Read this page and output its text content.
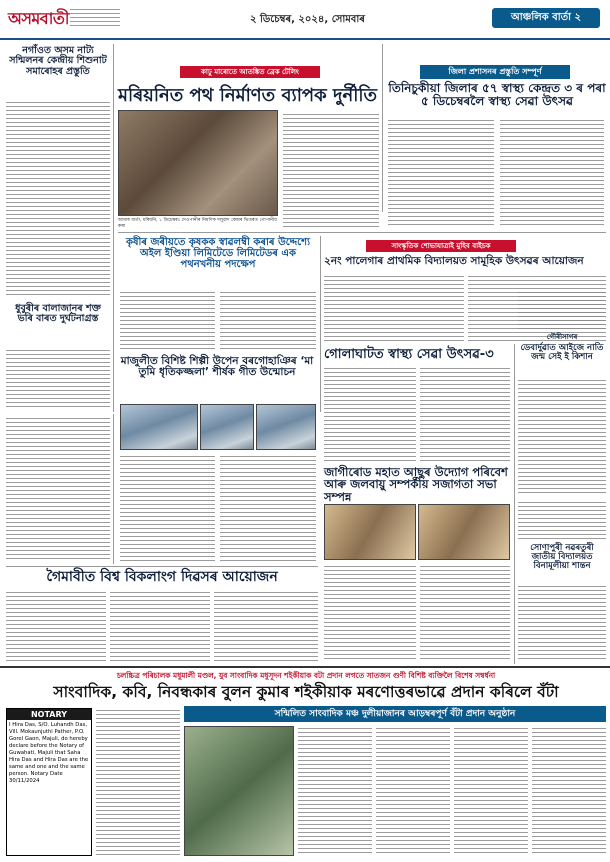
অসমবাতী	২ ডিচেম্বৰ, ২০২৪, সোমবাৰ	আঞ্চলিক বাৰ্তা ২
নগাঁওত অসম নাট্য সন্মিলনৰ কেন্দ্ৰীয় শিশুনাট সমাৰোহৰ প্ৰস্তুতি
ধুবুৰীৰ বালাজানৰ শক্ত ভৰি বাৰত দুৰ্ঘটনাগ্ৰস্ত
কাঢ়ু মাৰোতে আতঙ্কিত ব্ৰেক টেলিং
মৰিয়নিত পথ নিৰ্মাণত ব্যাপক দুৰ্নীতি
আমাৰ বাৰ্তা, মৰিয়নি, ১ ডিচেম্বৰঃ দেওপানীৰ নিমণিক দলুৱাদ কেন্দ্ৰৰ ভিতৰত গোপানীয় কৰা
জিলা প্ৰশাসনৰ প্ৰস্তুতি সম্পূৰ্ণ
তিনিচুকীয়া জিলাৰ ৫৭ স্বাস্থ্য কেন্দ্ৰত ৩ ৰ পৰা ৫ ডিচেম্বৰলৈ স্বাস্থ্য সেৱা উৎসৱ
কৃষীৰ জৰীয়তে কৃষকক স্বাৱলম্বী কৰাৰ উদ্দেশ্যে অইল ইণ্ডিয়া লিমিটেডে লিমিটেডৰ এক পথনখনীয় পদক্ষেপ
সাংস্কৃতিক শোভাযাত্ৰাই মুহিব বাইচক
২নং পালেগাৰ প্ৰাথমিক বিদ্যালয়ত সামূহিক উৎসৱৰ আয়োজন
মাজুলীত বিশিষ্ট শিল্পী উপেন বৰগোহাঞিৰ ‘মা তুমি ধৃতিকজ্জলা’ শীৰ্ষক গীত উন্মোচন
গোলাঘাটত স্বাস্থ্য সেৱা উৎসৱ-৩
গৌৰীসাগৰ
ডেবাৰ্দুৱাত আইজে নাতি জন্ম সেই ই কিশান
সোণাপুৰী নৱৰতুৰী জাতীয় বিদ্যালয়ত বিনামূলীয়া শান্তন
জাগীৰোড মহাত আছুৰ উদ্যোগ পৰিবেশ আৰু জলবায়ু সম্পৰ্কীয় সজাগতা সভা সম্পন্ন
গৈমাবীত বিশ্ব বিকলাংগ দিৱসৰ আয়োজন
চলচ্চিত্ৰ পৰিচালক মধুমালী মণ্ডল, যুব সাংবাদিক মধুসূদন শইকীয়াক বটা প্ৰদান লগতে সাতজন গুণী বিশিষ্ট ব্যক্তিলৈ বিশেষ সম্বৰ্ধনা
সাংবাদিক, কবি, নিবন্ধকাৰ বুলন কুমাৰ শইকীয়াক মৰণোত্তৰভাৱে প্ৰদান কৰিলে বঁটা
সন্মিলিত সাংবাদিক মঞ্চ দুলীয়াজানৰ আড়ম্বৰপূৰ্ণ বঁটা প্ৰদান অনুষ্ঠান
NOTARY
I Hira Das, S/O. Luhandh Das, Vill. Mokaunjuthi Pather, P.O. Gorel Gaon, Majuli, do hereby declare before the Notary of Guwahati, Majuli that Saha Hira Das and Hira Das are the same and one and the same person. Notary Date 30/11/2024
